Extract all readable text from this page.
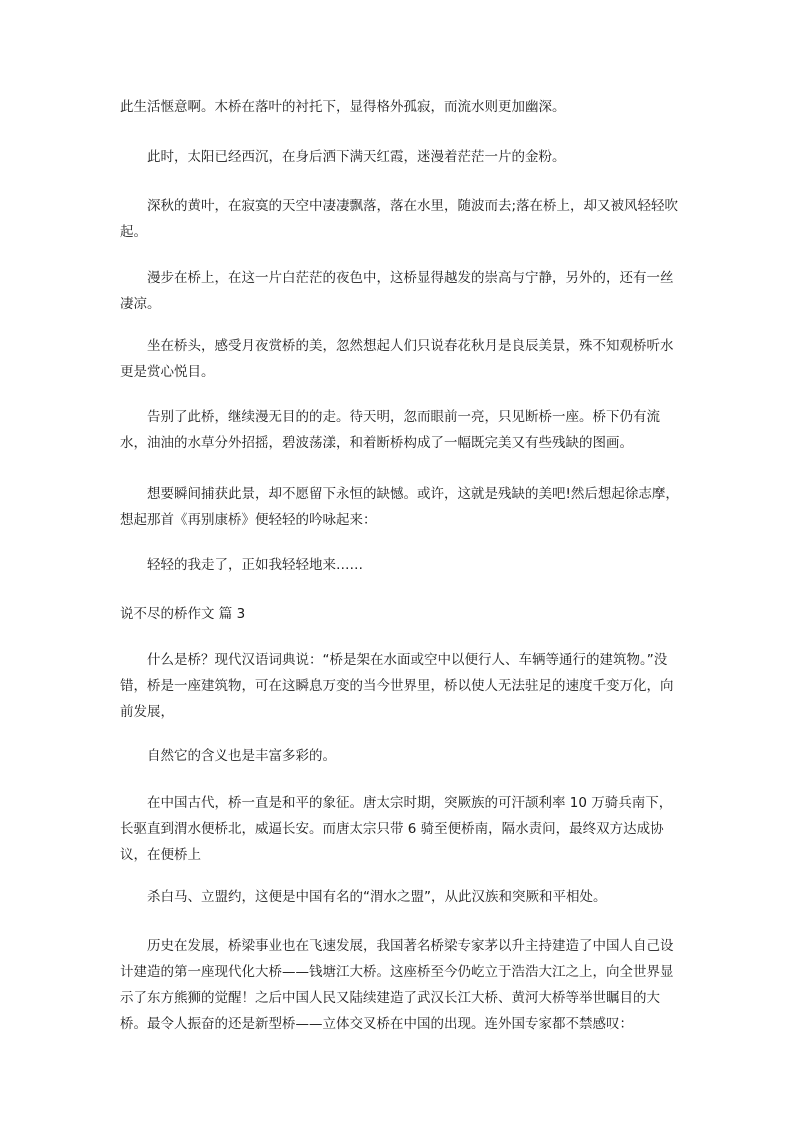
此生活惬意啊。木桥在落叶的衬托下，显得格外孤寂，而流水则更加幽深。

此时，太阳已经西沉，在身后洒下满天红霞，迷漫着茫茫一片的金粉。

深秋的黄叶，在寂寞的天空中凄凄飘落，落在水里，随波而去;落在桥上，却又被风轻轻吹起。

漫步在桥上，在这一片白茫茫的夜色中，这桥显得越发的崇高与宁静，另外的，还有一丝凄凉。

坐在桥头，感受月夜赏桥的美，忽然想起人们只说春花秋月是良辰美景，殊不知观桥听水更是赏心悦目。

告别了此桥，继续漫无目的的走。待天明，忽而眼前一亮，只见断桥一座。桥下仍有流水，油油的水草分外招摇，碧波荡漾，和着断桥构成了一幅既完美又有些残缺的图画。

想要瞬间捕获此景，却不愿留下永恒的缺憾。或许，这就是残缺的美吧!然后想起徐志摩，想起那首《再别康桥》便轻轻的吟咏起来：

轻轻的我走了，正如我轻轻地来……

说不尽的桥作文 篇 3

什么是桥？现代汉语词典说：“桥是架在水面或空中以便行人、车辆等通行的建筑物。”没错，桥是一座建筑物，可在这瞬息万变的当今世界里，桥以使人无法驻足的速度千变万化，向前发展，

自然它的含义也是丰富多彩的。

在中国古代，桥一直是和平的象征。唐太宗时期，突厥族的可汗颉利率 10 万骑兵南下，长驱直到渭水便桥北，威逼长安。而唐太宗只带 6 骑至便桥南，隔水责问，最终双方达成协议，在便桥上

杀白马、立盟约，这便是中国有名的“渭水之盟”，从此汉族和突厥和平相处。

历史在发展，桥梁事业也在飞速发展，我国著名桥梁专家茅以升主持建造了中国人自己设计建造的第一座现代化大桥——钱塘江大桥。这座桥至今仍屹立于浩浩大江之上，向全世界显示了东方熊狮的觉醒！之后中国人民又陆续建造了武汉长江大桥、黄河大桥等举世瞩目的大桥。最令人振奋的还是新型桥——立体交叉桥在中国的出现。连外国专家都不禁感叹：
